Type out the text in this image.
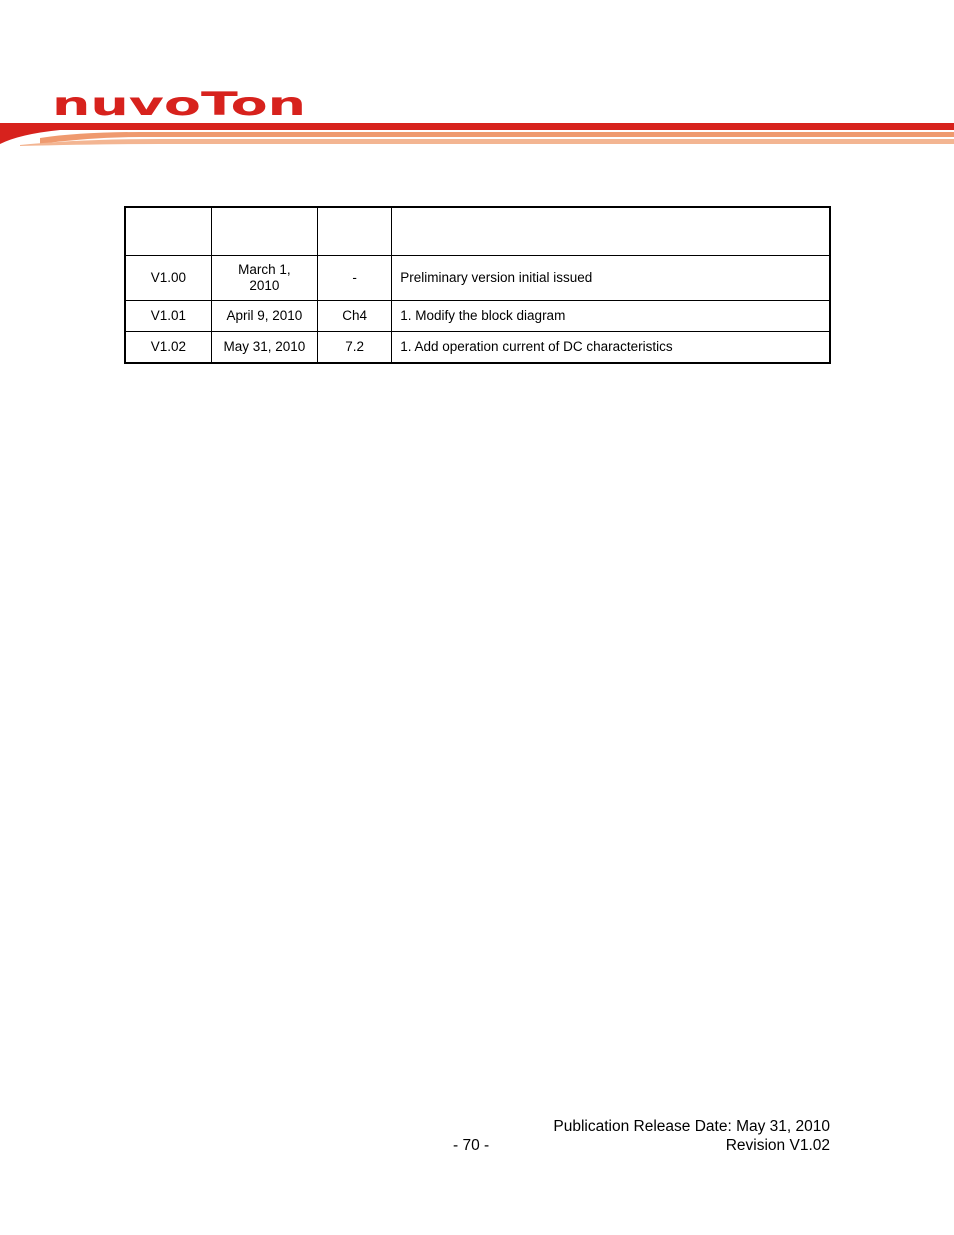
nuvoTon

V1.00	March 1, 2010	-	Preliminary version initial issued
V1.01	April 9, 2010	Ch4	1. Modify the block diagram
V1.02	May 31, 2010	7.2	1. Add operation current of DC characteristics
Publication Release Date: May 31, 2010
- 70 -	Revision V1.02
